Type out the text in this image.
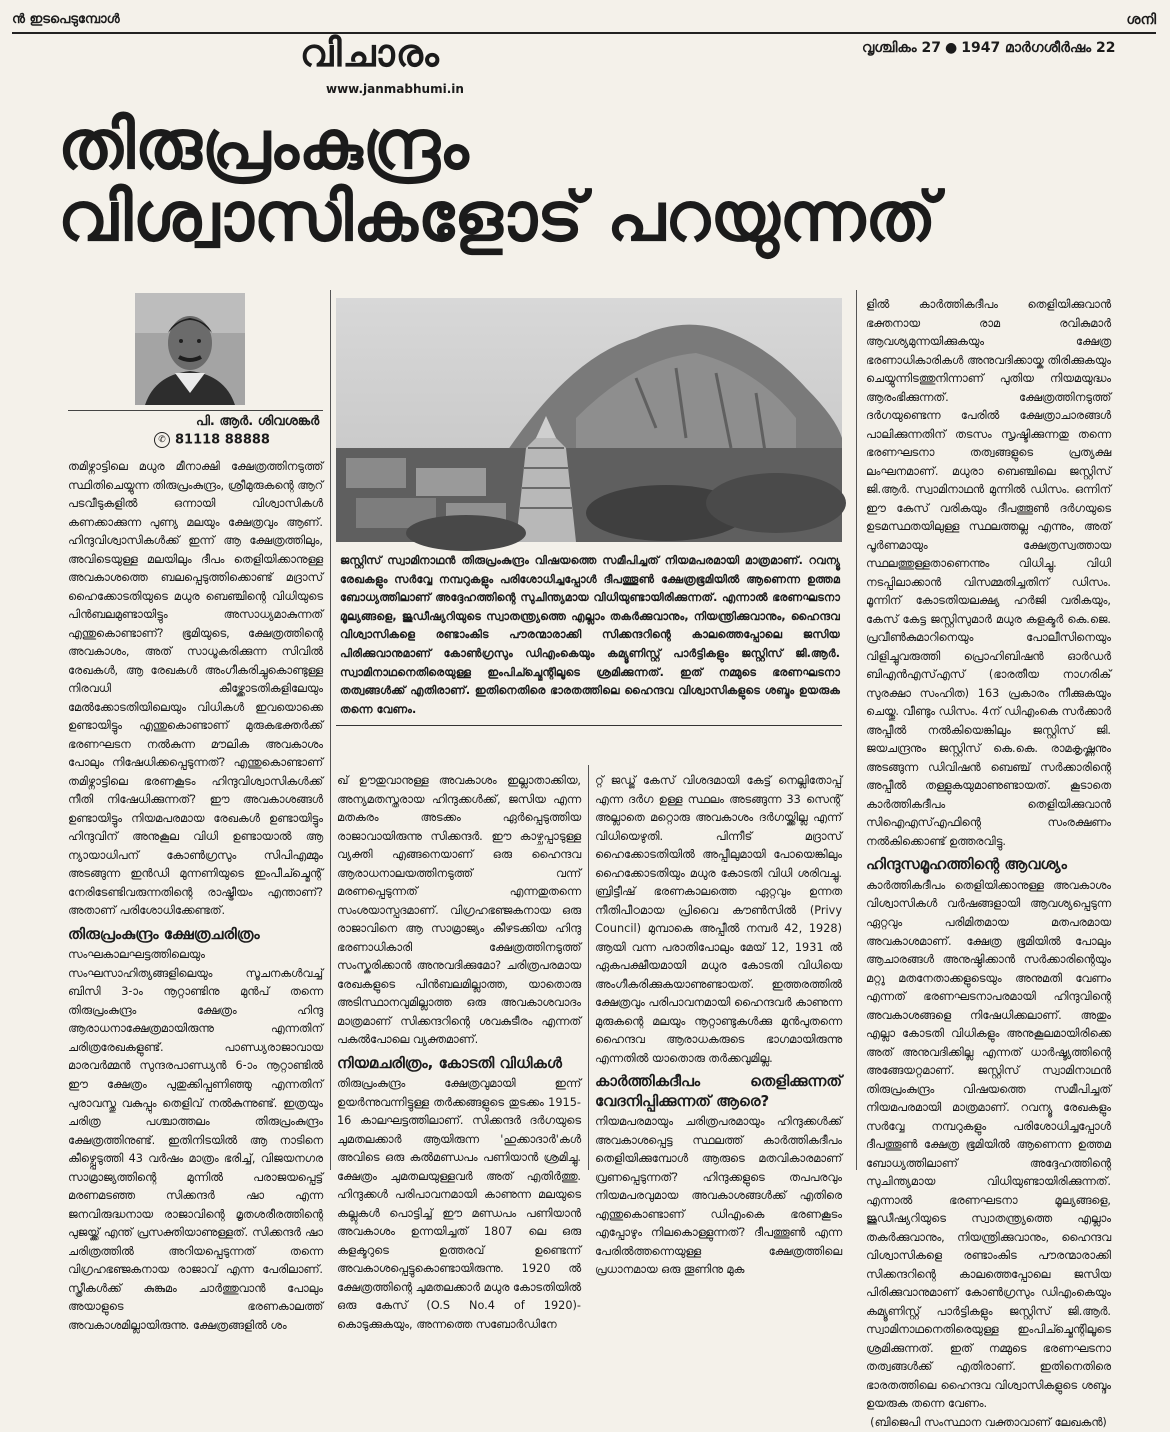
ൻ ഇടപെടുമ്പോൾ	ശനി
വിചാരം
www.janmabhumi.in
വൃശ്ചികം 27 ● 1947 മാർഗശീർഷം 22
തിരുപ്രംകുന്ദ്രം
വിശ്വാസികളോട് പറയുന്നത്
പി. ആർ. ശിവശങ്കർ
✆ 81118 88888
ജസ്റ്റിസ് സ്വാമിനാഥൻ തിരുപ്രംകുന്ദ്രം വിഷയത്തെ സമീപിച്ചത് നിയമപരമായി മാത്രമാണ്. റവന്യൂ രേഖകളും സർവ്വേ നമ്പറുകളും പരിശോധിച്ചപ്പോൾ ദീപത്തൂൺ ക്ഷേത്രഭൂമിയിൽ ആണെന്ന ഉത്തമ ബോധ്യത്തിലാണ് അദ്ദേഹത്തിന്റെ സുചിന്ത്യമായ വിധിയുണ്ടായിരിക്കുന്നത്. എന്നാൽ ഭരണഘടനാ മൂല്യങ്ങളെ, ജുഡീഷ്യറിയുടെ സ്വാതന്ത്ര്യത്തെ എല്ലാം തകർക്കുവാനും, നിയന്ത്രിക്കുവാനും, ഹൈന്ദവ വിശ്വാസികളെ രണ്ടാംകിട പൗരന്മാരാക്കി സിക്കന്ദറിന്റെ കാലത്തെപ്പോലെ ജസിയ പിരിക്കുവാനുമാണ് കോൺഗ്രസും ഡിഎംകെയും കമ്യൂണിസ്റ്റ് പാർട്ടികളും ജസ്റ്റിസ് ജി.ആർ. സ്വാമിനാഥനെതിരെയുള്ള ഇംപിച്ച്മെന്റിലൂടെ ശ്രമിക്കുന്നത്. ഇത് നമ്മുടെ ഭരണഘടനാ തത്വങ്ങൾക്ക് എതിരാണ്. ഇതിനെതിരെ ഭാരതത്തിലെ ഹൈന്ദവ വിശ്വാസികളുടെ ശബ്ദം ഉയരുക തന്നെ വേണം.

തമിഴ്നാട്ടിലെ മധുര മീനാക്ഷി ക്ഷേത്രത്തിനടുത്ത് സ്ഥിതിചെയ്യുന്ന തിരുപ്രംകുന്ദ്രം, ശ്രീമുരുകന്റെ ആറ് പടവീടുകളിൽ ഒന്നായി വിശ്വാസികൾ കണക്കാക്കുന്ന പുണ്യ മലയും ക്ഷേത്രവും ആണ്. ഹിന്ദുവിശ്വാസികൾക്ക് ഇന്ന് ആ ക്ഷേത്രത്തിലും, അവിടെയുള്ള മലയിലും ദീപം തെളിയിക്കാനുള്ള അവകാശത്തെ ബലപ്പെടുത്തിക്കൊണ്ട് മദ്രാസ് ഹൈക്കോടതിയുടെ മധുര ബെഞ്ചിന്റെ വിധിയുടെ പിൻബലമുണ്ടായിട്ടും അസാധ്യമാകുന്നത് എന്തുകൊണ്ടാണ്? ഭൂമിയുടെ, ക്ഷേത്രത്തിന്റെ അവകാശം, അത് സാധൂകരിക്കുന്ന സിവിൽ രേഖകൾ, ആ രേഖകൾ അംഗീകരിച്ചുകൊണ്ടുള്ള നിരവധി കീഴ്ക്കോടതികളിലേയും മേൽക്കോടതിയിലെയും വിധികൾ ഇവയൊക്കെ ഉണ്ടായിട്ടും എന്തുകൊണ്ടാണ് മുരുകഭക്തർക്ക് ഭരണഘടന നൽകുന്ന മൗലിക അവകാശം പോലും നിഷേധിക്കപ്പെടുന്നത്? എന്തുകൊണ്ടാണ് തമിഴ്നാട്ടിലെ ഭരണകൂടം ഹിന്ദുവിശ്വാസികൾക്ക് നീതി നിഷേധിക്കുന്നത്? ഈ അവകാശങ്ങൾ ഉണ്ടായിട്ടും നിയമപരമായ രേഖകൾ ഉണ്ടായിട്ടും ഹിന്ദുവിന് അനുകൂല വിധി ഉണ്ടായാൽ ആ ന്യായാധിപന് കോൺഗ്രസും സിപിഎമ്മും അടങ്ങുന്ന ഇൻഡി മുന്നണിയുടെ ഇംപീച്ച്മെന്റ് നേരിടേണ്ടിവരുന്നതിന്റെ രാഷ്ട്രീയം എന്താണ്? അതാണ് പരിശോധിക്കേണ്ടത്.

തിരുപ്രംകുന്ദ്രം ക്ഷേത്രചരിത്രം

സംഘകാലഘട്ടത്തിലെയും സംഘസാഹിത്യങ്ങളിലെയും സൂചനകൾവച്ച് ബിസി 3-ാം നൂറ്റാണ്ടിനു മുൻപ് തന്നെ തിരുപ്രംകുന്ദ്രം ക്ഷേത്രം ഹിന്ദു ആരാധനാക്ഷേത്രമായിരുന്നു എന്നതിന് ചരിത്രരേഖകളുണ്ട്. പാണ്ഡ്യരാജാവായ മാരവർമ്മൻ സുന്ദരപാണ്ഡ്യൻ 6-ാം നൂറ്റാണ്ടിൽ ഈ ക്ഷേത്രം പുതുക്കിപ്പണിഞ്ഞു എന്നതിന് പുരാവസ്തു വകുപ്പും തെളിവ് നൽകുന്നുണ്ട്. ഇത്രയും ചരിത്ര പശ്ചാത്തലം തിരുപ്രംകുന്ദ്രം ക്ഷേത്രത്തിനുണ്ട്. ഇതിനിടയിൽ ആ നാടിനെ കീഴ്പ്പെടുത്തി 43 വർഷം മാത്രം ഭരിച്ച്, വിജയനഗര സാമ്രാജ്യത്തിന്റെ മുന്നിൽ പരാജയപ്പെട്ട് മരണമടഞ്ഞ സിക്കന്ദർ ഷാ എന്ന ജനവിരുദ്ധനായ രാജാവിന്റെ മൃതശരീരത്തിന്റെ പുജയ്ക്ക് എന്ത് പ്രസക്തിയാണുള്ളത്. സിക്കന്ദർ ഷാ ചരിത്രത്തിൽ അറിയപ്പെടുന്നത് തന്നെ വിഗ്രഹഭഞ്ജകനായ രാജാവ് എന്ന പേരിലാണ്. സ്ത്രീകൾക്ക് കുങ്കുമം ചാർത്തുവാൻ പോലും അയാളുടെ ഭരണകാലത്ത് അവകാശമില്ലായിരുന്നു. ക്ഷേത്രങ്ങളിൽ ശം

ഖ് ഊതുവാനുള്ള അവകാശം ഇല്ലാതാക്കിയ, അന്യമതസ്തരായ ഹിന്ദുക്കൾക്ക്, ജസിയ എന്ന മതകരം അടക്കം ഏർപ്പെടുത്തിയ രാജാവായിരുന്നു സിക്കന്ദർ. ഈ കാഴ്ചപ്പാടുള്ള വ്യക്തി എങ്ങനെയാണ് ഒരു ഹൈന്ദവ ആരാധനാലയത്തിനടുത്ത് വന്ന് മരണപ്പെടുന്നത് എന്നതുതന്നെ സംശയാസ്പദമാണ്. വിഗ്രഹഭഞ്ജകനായ ഒരു രാജാവിനെ ആ സാമ്രാജ്യം കീഴടക്കിയ ഹിന്ദു ഭരണാധികാരി ക്ഷേത്രത്തിനടുത്ത് സംസ്കരിക്കാൻ അനുവദിക്കുമോ? ചരിത്രപരമായ രേഖകളുടെ പിൻബലമില്ലാത്ത, യാതൊരു അടിസ്ഥാനവുമില്ലാത്ത ഒരു അവകാശവാദം മാത്രമാണ് സിക്കന്ദറിന്റെ ശവകുടീരം എന്നത് പകൽപോലെ വ്യക്തമാണ്.

നിയമചരിത്രം, കോടതി വിധികൾ

തിരുപ്രംകുന്ദ്രം ക്ഷേത്രവുമായി ഇന്ന് ഉയർന്നുവന്നിട്ടുള്ള തർക്കങ്ങളുടെ തുടക്കം 1915-16 കാലഘട്ടത്തിലാണ്. സിക്കന്ദർ ദർഗയുടെ ചുമതലക്കാർ ആയിരുന്ന 'ഹുക്കാദാർ'കൾ അവിടെ ഒരു കൽമണ്ഡപം പണിയാൻ ശ്രമിച്ചു. ക്ഷേത്രം ചുമതലയുള്ളവർ അത് എതിർത്തു. ഹിന്ദുക്കൾ പരിപാവനമായി കാണുന്ന മലയുടെ കല്ലുകൾ പൊട്ടിച്ച് ഈ മണ്ഡപം പണിയാൻ അവകാശം ഉന്നയിച്ചത് 1807 ലെ ഒരു കളക്ടറുടെ ഉത്തരവ് ഉണ്ടെന്ന് അവകാശപ്പെട്ടുകൊണ്ടായിരുന്നു. 1920 ൽ ക്ഷേത്രത്തിന്റെ ചുമതലക്കാർ മധുര കോടതിയിൽ ഒരു കേസ് (O.S No.4 of 1920)- കൊടുക്കുകയും, അന്നത്തെ സബോർഡിനേ

റ്റ് ജഡ്ജ് കേസ് വിശദമായി കേട്ട് നെല്ലിതോപ്പ് എന്ന ദർഗ ഉള്ള സ്ഥലം അടങ്ങുന്ന 33 സെന്റ് അല്ലാതെ മറ്റൊരു അവകാശം ദർഗയ്ക്കില്ല എന്ന് വിധിയെഴുതി. പിന്നീട് മദ്രാസ് ഹൈക്കോടതിയിൽ അപ്പീലുമായി പോയെങ്കിലും ഹൈക്കോടതിയും മധുര കോടതി വിധി ശരിവച്ചു. ബ്രിട്ടീഷ് ഭരണകാലത്തെ ഏറ്റവും ഉന്നത നീതിപീഠമായ പ്രിവൈ കൗൺസിൽ (Privy Council) മുമ്പാകെ അപ്പീൽ നമ്പർ 42, 1928) ആയി വന്ന പരാതിപോലും മേയ് 12, 1931 ൽ ഏകപക്ഷീയമായി മധുര കോടതി വിധിയെ അംഗീകരിക്കുകയാണുണ്ടായത്. ഇത്തരത്തിൽ ക്ഷേത്രവും പരിപാവനമായി ഹൈന്ദവർ കാണുന്ന മുരുകന്റെ മലയും നൂറ്റാണ്ടുകൾക്കു മുൻപുതന്നെ ഹൈന്ദവ ആരാധകരുടെ ഭാഗമായിരുന്നു എന്നതിൽ യാതൊരു തർക്കവുമില്ല.

കാർത്തികദീപം തെളിക്കുന്നത് വേദനിപ്പിക്കുന്നത് ആരെ?

നിയമപരമായും ചരിത്രപരമായും ഹിന്ദുക്കൾക്ക് അവകാശപ്പെട്ട സ്ഥലത്ത് കാർത്തികദീപം തെളിയിക്കുമ്പോൾ ആരുടെ മതവികാരമാണ് വ്രണപ്പെടുന്നത്? ഹിന്ദുക്കളുടെ തപപരവും നിയമപരവുമായ അവകാശങ്ങൾക്ക് എതിരെ എന്തുകൊണ്ടാണ് ഡിഎംകെ ഭരണകൂടം എപ്പോഴും നിലകൊള്ളുന്നത്? ദീപത്തൂൺ എന്ന പേരിൽത്തന്നെയുള്ള ക്ഷേത്രത്തിലെ പ്രധാനമായ ഒരു തൂണിനു മുക

ളിൽ കാർത്തികദീപം തെളിയിക്കുവാൻ ഭക്തനായ രാമ രവികുമാർ ആവശ്യമുന്നയിക്കുകയും ക്ഷേത്ര ഭരണാധികാരികൾ അനുവദിക്കായ്ക തിരിക്കുകയും ചെയ്യുന്നിടത്തുനിന്നാണ് പുതിയ നിയമയുദ്ധം ആരംഭിക്കുന്നത്. ക്ഷേത്രത്തിനടുത്ത് ദർഗയുണ്ടെന്ന പേരിൽ ക്ഷേത്രാചാരങ്ങൾ പാലിക്കുന്നതിന് തടസം സൃഷ്ടിക്കുന്നതു തന്നെ ഭരണഘടനാ തത്വങ്ങളുടെ പ്രത്യക്ഷ ലംഘനമാണ്. മധുരാ ബെഞ്ചിലെ ജസ്റ്റിസ് ജി.ആർ. സ്വാമിനാഥൻ മുന്നിൽ ഡിസം. ഒന്നിന് ഈ കേസ് വരികയും ദീപത്തൂൺ ദർഗയുടെ ഉടമസ്ഥതയിലുള്ള സ്ഥലത്തല്ല എന്നും, അത് പൂർണമായും ക്ഷേത്രസ്വത്തായ സ്ഥലത്തുള്ളതാണെന്നും വിധിച്ചു. വിധി നടപ്പിലാക്കാൻ വിസമ്മതിച്ചതിന് ഡിസം. മൂന്നിന് കോടതിയലക്ഷ്യ ഹർജി വരികയും, കേസ് കേട്ട ജസ്റ്റിസുമാർ മധുര കളക്ടർ കെ.ജെ. പ്രവീൺകുമാറിനെയും പോലീസിനെയും വിളിച്ചുവരുത്തി പ്രൊഹിബിഷൻ ഓർഡർ ബിഎൻഎസ്എസ് (ഭാരതീയ നാഗരിക് സുരക്ഷാ സംഹിത) 163 പ്രകാരം നീക്കുകയും ചെയ്തു. വീണ്ടും ഡിസം. 4ന് ഡിഎംകെ സർക്കാർ അപ്പീൽ നൽകിയെങ്കിലും ജസ്റ്റിസ് ജി. ജയചന്ദ്രനും ജസ്റ്റിസ് കെ.കെ. രാമകൃഷ്ണനും അടങ്ങുന്ന ഡിവിഷൻ ബെഞ്ച് സർക്കാരിന്റെ അപ്പീൽ തള്ളുകയുമാണുണ്ടായത്. കൂടാതെ കാർത്തികദീപം തെളിയിക്കുവാൻ സിഐഎസ്എഫിന്റെ സംരക്ഷണം നൽകിക്കൊണ്ട് ഉത്തരവിട്ടു.

ഹിന്ദുസമൂഹത്തിന്റെ ആവശ്യം

കാർത്തികദീപം തെളിയിക്കാനുള്ള അവകാശം വിശ്വാസികൾ വർഷങ്ങളായി ആവശ്യപ്പെടുന്ന ഏറ്റവും പരിമിതമായ മതപരമായ അവകാശമാണ്. ക്ഷേത്ര ഭൂമിയിൽ പോലും ആചാരങ്ങൾ അനുഷ്ഠിക്കാൻ സർക്കാരിന്റെയും മറ്റു മതനേതാക്കളുടെയും അനുമതി വേണം എന്നത് ഭരണഘടനാപരമായി ഹിന്ദുവിന്റെ അവകാശങ്ങളെ നിഷേധിക്കലാണ്. അതും എല്ലാ കോടതി വിധികളും അനുകൂലമായിരിക്കെ അത് അനുവദിക്കില്ല എന്നത് ധാർഷ്ട്യത്തിന്റെ അങ്ങേയറ്റമാണ്. ജസ്റ്റിസ് സ്വാമിനാഥൻ തിരുപ്രംകുന്ദ്രം വിഷയത്തെ സമീപിച്ചത് നിയമപരമായി മാത്രമാണ്. റവന്യൂ രേഖകളും സർവ്വേ നമ്പറുകളും പരിശോധിച്ചപ്പോൾ ദീപത്തൂൺ ക്ഷേത്ര ഭൂമിയിൽ ആണെന്ന ഉത്തമ ബോധ്യത്തിലാണ് അദ്ദേഹത്തിന്റെ സുചിന്ത്യമായ വിധിയുണ്ടായിരിക്കുന്നത്. എന്നാൽ ഭരണഘടനാ മൂല്യങ്ങളെ, ജുഡീഷ്യറിയുടെ സ്വാതന്ത്ര്യത്തെ എല്ലാം തകർക്കുവാനും, നിയന്ത്രിക്കുവാനും, ഹൈന്ദവ വിശ്വാസികളെ രണ്ടാംകിട പൗരന്മാരാക്കി സിക്കന്ദറിന്റെ കാലത്തെപ്പോലെ ജസിയ പിരിക്കുവാനുമാണ് കോൺഗ്രസും ഡിഎംകെയും കമ്യൂണിസ്റ്റ് പാർട്ടികളും ജസ്റ്റിസ് ജി.ആർ. സ്വാമിനാഥനെതിരെയുള്ള ഇംപിച്ച്മെന്റിലൂടെ ശ്രമിക്കുന്നത്. ഇത് നമ്മുടെ ഭരണഘടനാ തത്വങ്ങൾക്ക് എതിരാണ്. ഇതിനെതിരെ ഭാരതത്തിലെ ഹൈന്ദവ വിശ്വാസികളുടെ ശബ്ദം ഉയരുക തന്നെ വേണം.

(ബിജെപി സംസ്ഥാന വക്താവാണ് ലേഖകൻ)
